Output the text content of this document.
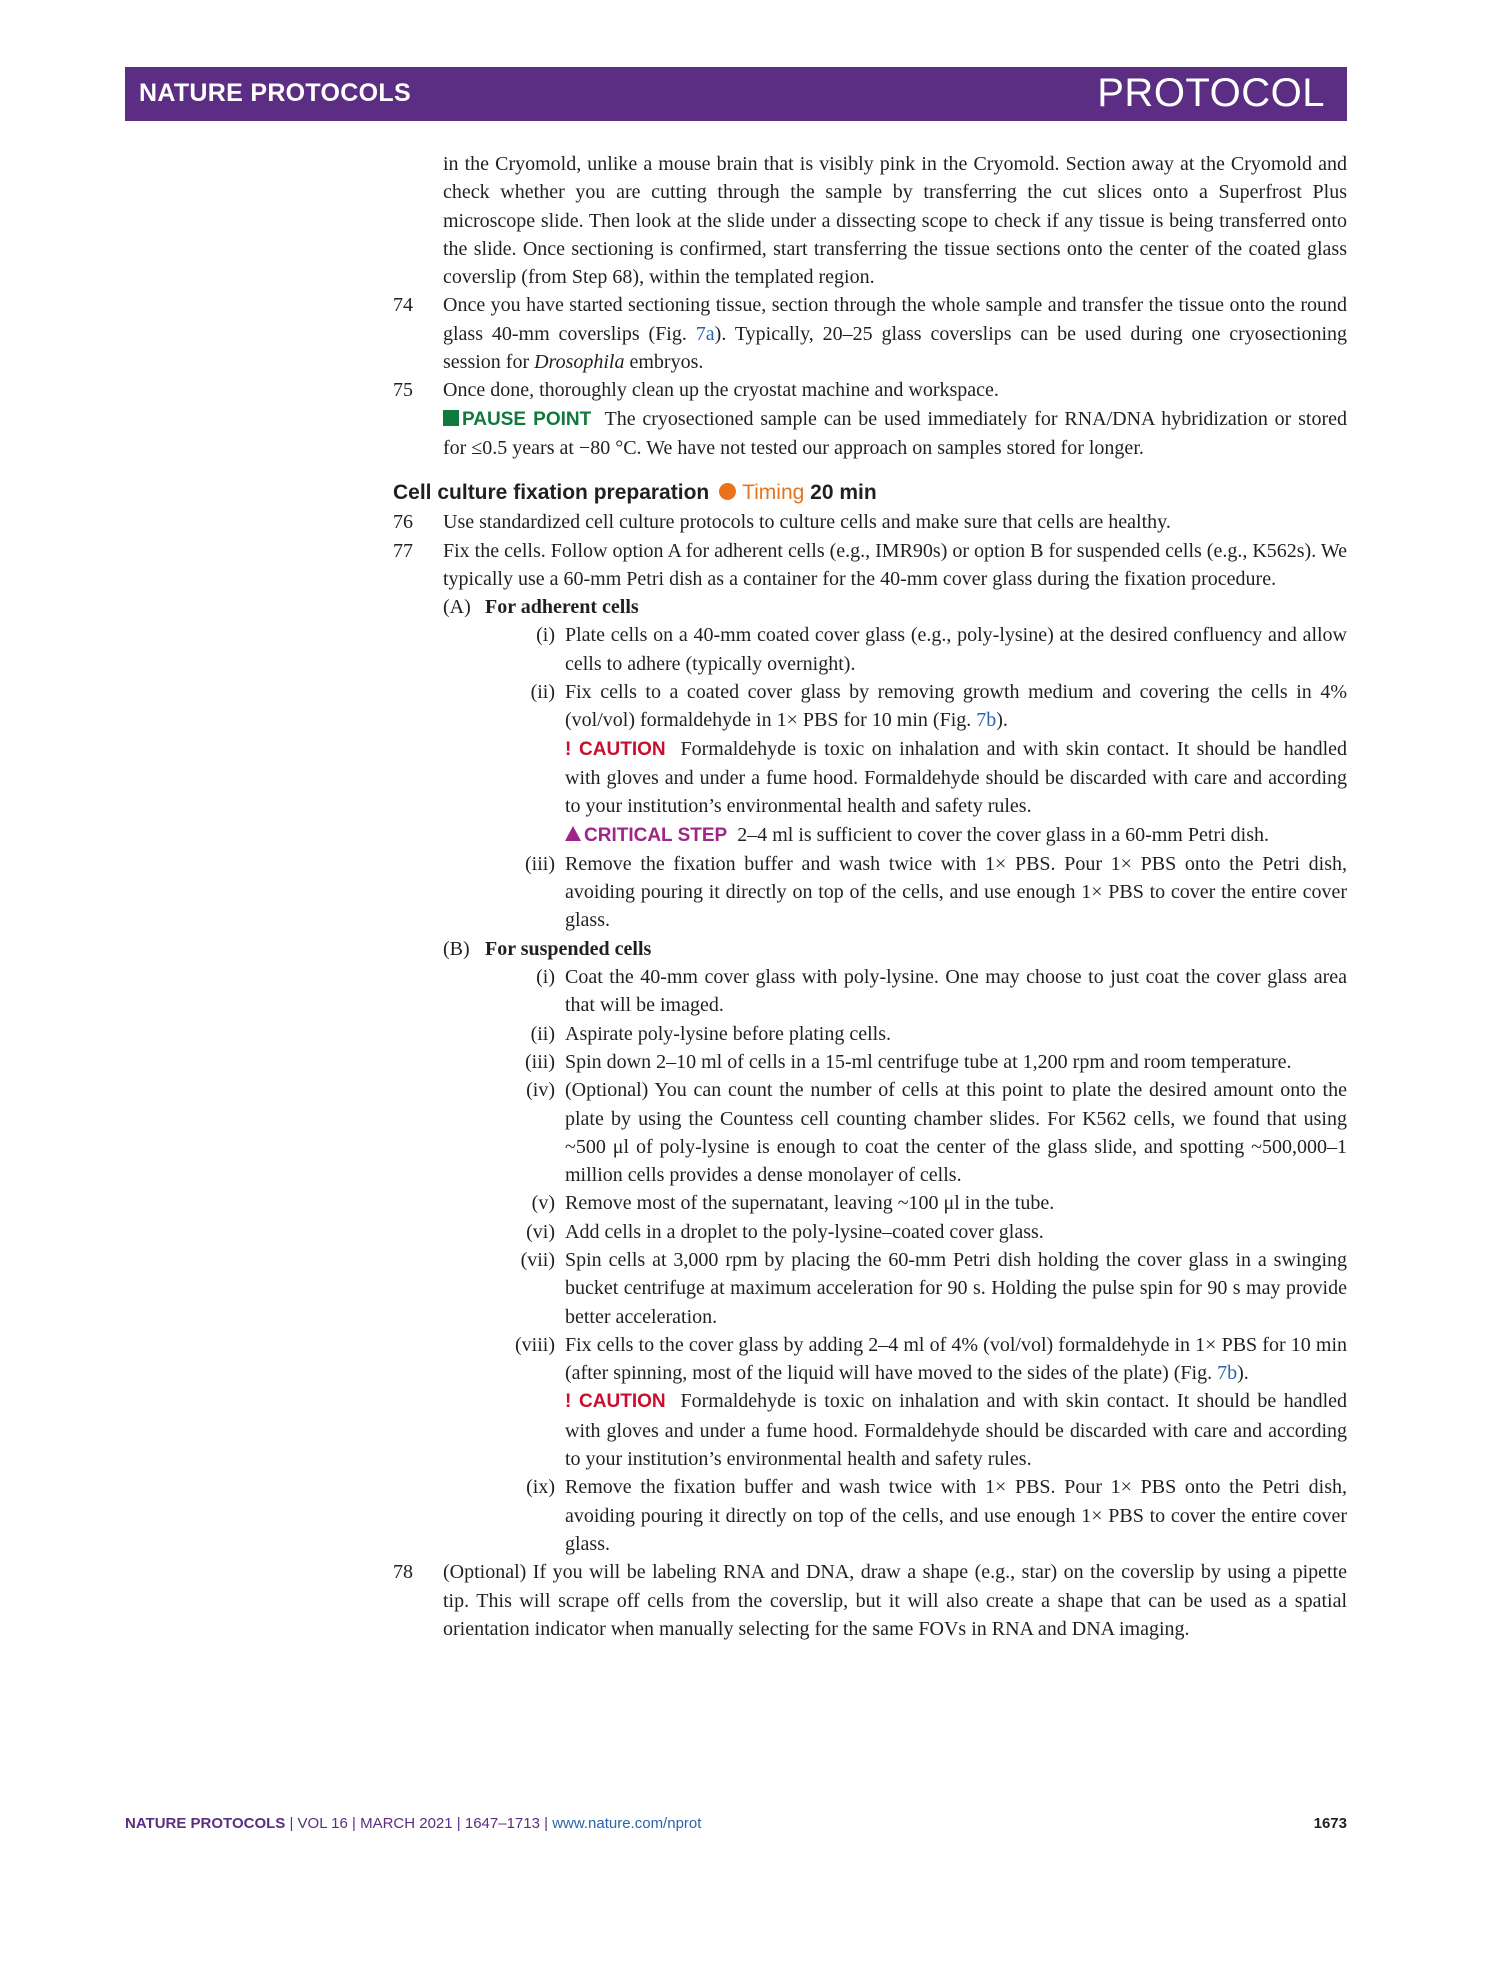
NATURE PROTOCOLS	PROTOCOL

in the Cryomold, unlike a mouse brain that is visibly pink in the Cryomold. Section away at the Cryomold and check whether you are cutting through the sample by transferring the cut slices onto a Superfrost Plus microscope slide. Then look at the slide under a dissecting scope to check if any tissue is being transferred onto the slide. Once sectioning is confirmed, start transferring the tissue sections onto the center of the coated glass coverslip (from Step 68), within the templated region.

74 Once you have started sectioning tissue, section through the whole sample and transfer the tissue onto the round glass 40-mm coverslips (Fig. 7a). Typically, 20–25 glass coverslips can be used during one cryosectioning session for Drosophila embryos.
75 Once done, thoroughly clean up the cryostat machine and workspace.
PAUSE POINT The cryosectioned sample can be used immediately for RNA/DNA hybridization or stored for ≤0.5 years at −80 °C. We have not tested our approach on samples stored for longer.
Cell culture fixation preparation Timing 20 min
76 Use standardized cell culture protocols to culture cells and make sure that cells are healthy.
77 Fix the cells. Follow option A for adherent cells (e.g., IMR90s) or option B for suspended cells (e.g., K562s). We typically use a 60-mm Petri dish as a container for the 40-mm cover glass during the fixation procedure.
(A) For adherent cells
(i) Plate cells on a 40-mm coated cover glass (e.g., poly-lysine) at the desired confluency and allow cells to adhere (typically overnight).
(ii) Fix cells to a coated cover glass by removing growth medium and covering the cells in 4% (vol/vol) formaldehyde in 1× PBS for 10 min (Fig. 7b).
! CAUTION Formaldehyde is toxic on inhalation and with skin contact. It should be handled with gloves and under a fume hood. Formaldehyde should be discarded with care and according to your institution’s environmental health and safety rules.
CRITICAL STEP 2–4 ml is sufficient to cover the cover glass in a 60-mm Petri dish.
(iii) Remove the fixation buffer and wash twice with 1× PBS. Pour 1× PBS onto the Petri dish, avoiding pouring it directly on top of the cells, and use enough 1× PBS to cover the entire cover glass.
(B) For suspended cells
(i) Coat the 40-mm cover glass with poly-lysine. One may choose to just coat the cover glass area that will be imaged.
(ii) Aspirate poly-lysine before plating cells.
(iii) Spin down 2–10 ml of cells in a 15-ml centrifuge tube at 1,200 rpm and room temperature.
(iv) (Optional) You can count the number of cells at this point to plate the desired amount onto the plate by using the Countess cell counting chamber slides. For K562 cells, we found that using ~500 μl of poly-lysine is enough to coat the center of the glass slide, and spotting ~500,000–1 million cells provides a dense monolayer of cells.
(v) Remove most of the supernatant, leaving ~100 μl in the tube.
(vi) Add cells in a droplet to the poly-lysine–coated cover glass.
(vii) Spin cells at 3,000 rpm by placing the 60-mm Petri dish holding the cover glass in a swinging bucket centrifuge at maximum acceleration for 90 s. Holding the pulse spin for 90 s may provide better acceleration.
(viii) Fix cells to the cover glass by adding 2–4 ml of 4% (vol/vol) formaldehyde in 1× PBS for 10 min (after spinning, most of the liquid will have moved to the sides of the plate) (Fig. 7b).
! CAUTION Formaldehyde is toxic on inhalation and with skin contact. It should be handled with gloves and under a fume hood. Formaldehyde should be discarded with care and according to your institution’s environmental health and safety rules.
(ix) Remove the fixation buffer and wash twice with 1× PBS. Pour 1× PBS onto the Petri dish, avoiding pouring it directly on top of the cells, and use enough 1× PBS to cover the entire cover glass.
78 (Optional) If you will be labeling RNA and DNA, draw a shape (e.g., star) on the coverslip by using a pipette tip. This will scrape off cells from the coverslip, but it will also create a shape that can be used as a spatial orientation indicator when manually selecting for the same FOVs in RNA and DNA imaging.
NATURE PROTOCOLS | VOL 16 | MARCH 2021 | 1647–1713 | www.nature.com/nprot	1673
